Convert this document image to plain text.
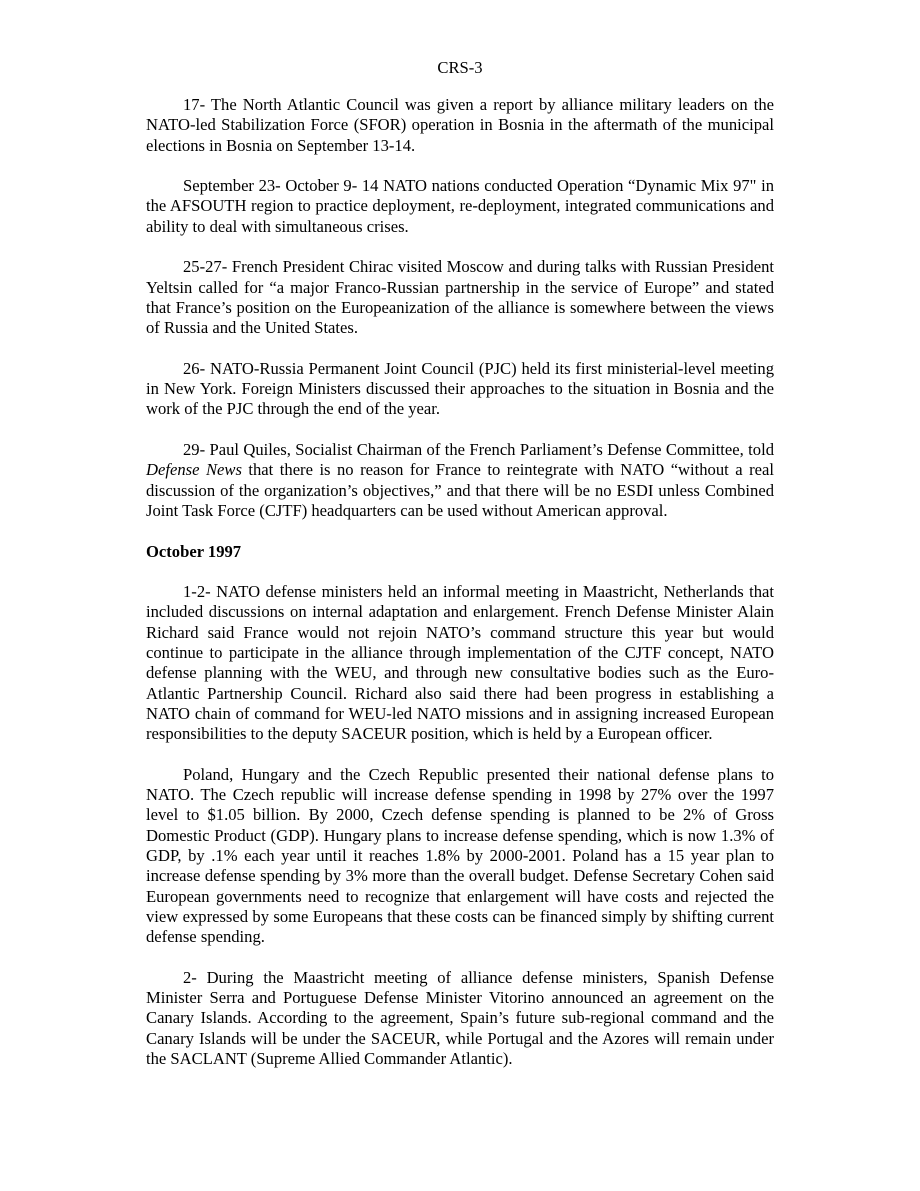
CRS-3

17- The North Atlantic Council was given a report by alliance military leaders on the NATO-led Stabilization Force (SFOR) operation in Bosnia in the aftermath of the municipal elections in Bosnia on September 13-14.

September 23- October 9- 14 NATO nations conducted Operation “Dynamic Mix 97" in the AFSOUTH region to practice deployment, re-deployment, integrated communications and ability to deal with simultaneous crises.

25-27- French President Chirac visited Moscow and during talks with Russian President Yeltsin called for “a major Franco-Russian partnership in the service of Europe” and stated that France’s position on the Europeanization of the alliance is somewhere between the views of Russia and the United States.

26- NATO-Russia Permanent Joint Council (PJC) held its first ministerial-level meeting in New York. Foreign Ministers discussed their approaches to the situation in Bosnia and the work of the PJC through the end of the year.

29- Paul Quiles, Socialist Chairman of the French Parliament’s Defense Committee, told Defense News that there is no reason for France to reintegrate with NATO “without a real discussion of the organization’s objectives,” and that there will be no ESDI unless Combined Joint Task Force (CJTF) headquarters can be used without American approval.

October 1997

1-2- NATO defense ministers held an informal meeting in Maastricht, Netherlands that included discussions on internal adaptation and enlargement. French Defense Minister Alain Richard said France would not rejoin NATO’s command structure this year but would continue to participate in the alliance through implementation of the CJTF concept, NATO defense planning with the WEU, and through new consultative bodies such as the Euro-Atlantic Partnership Council. Richard also said there had been progress in establishing a NATO chain of command for WEU-led NATO missions and in assigning increased European responsibilities to the deputy SACEUR position, which is held by a European officer.

Poland, Hungary and the Czech Republic presented their national defense plans to NATO. The Czech republic will increase defense spending in 1998 by 27% over the 1997 level to $1.05 billion. By 2000, Czech defense spending is planned to be 2% of Gross Domestic Product (GDP). Hungary plans to increase defense spending, which is now 1.3% of GDP, by .1% each year until it reaches 1.8% by 2000-2001. Poland has a 15 year plan to increase defense spending by 3% more than the overall budget. Defense Secretary Cohen said European governments need to recognize that enlargement will have costs and rejected the view expressed by some Europeans that these costs can be financed simply by shifting current defense spending.

2- During the Maastricht meeting of alliance defense ministers, Spanish Defense Minister Serra and Portuguese Defense Minister Vitorino announced an agreement on the Canary Islands. According to the agreement, Spain’s future sub-regional command and the Canary Islands will be under the SACEUR, while Portugal and the Azores will remain under the SACLANT (Supreme Allied Commander Atlantic).
